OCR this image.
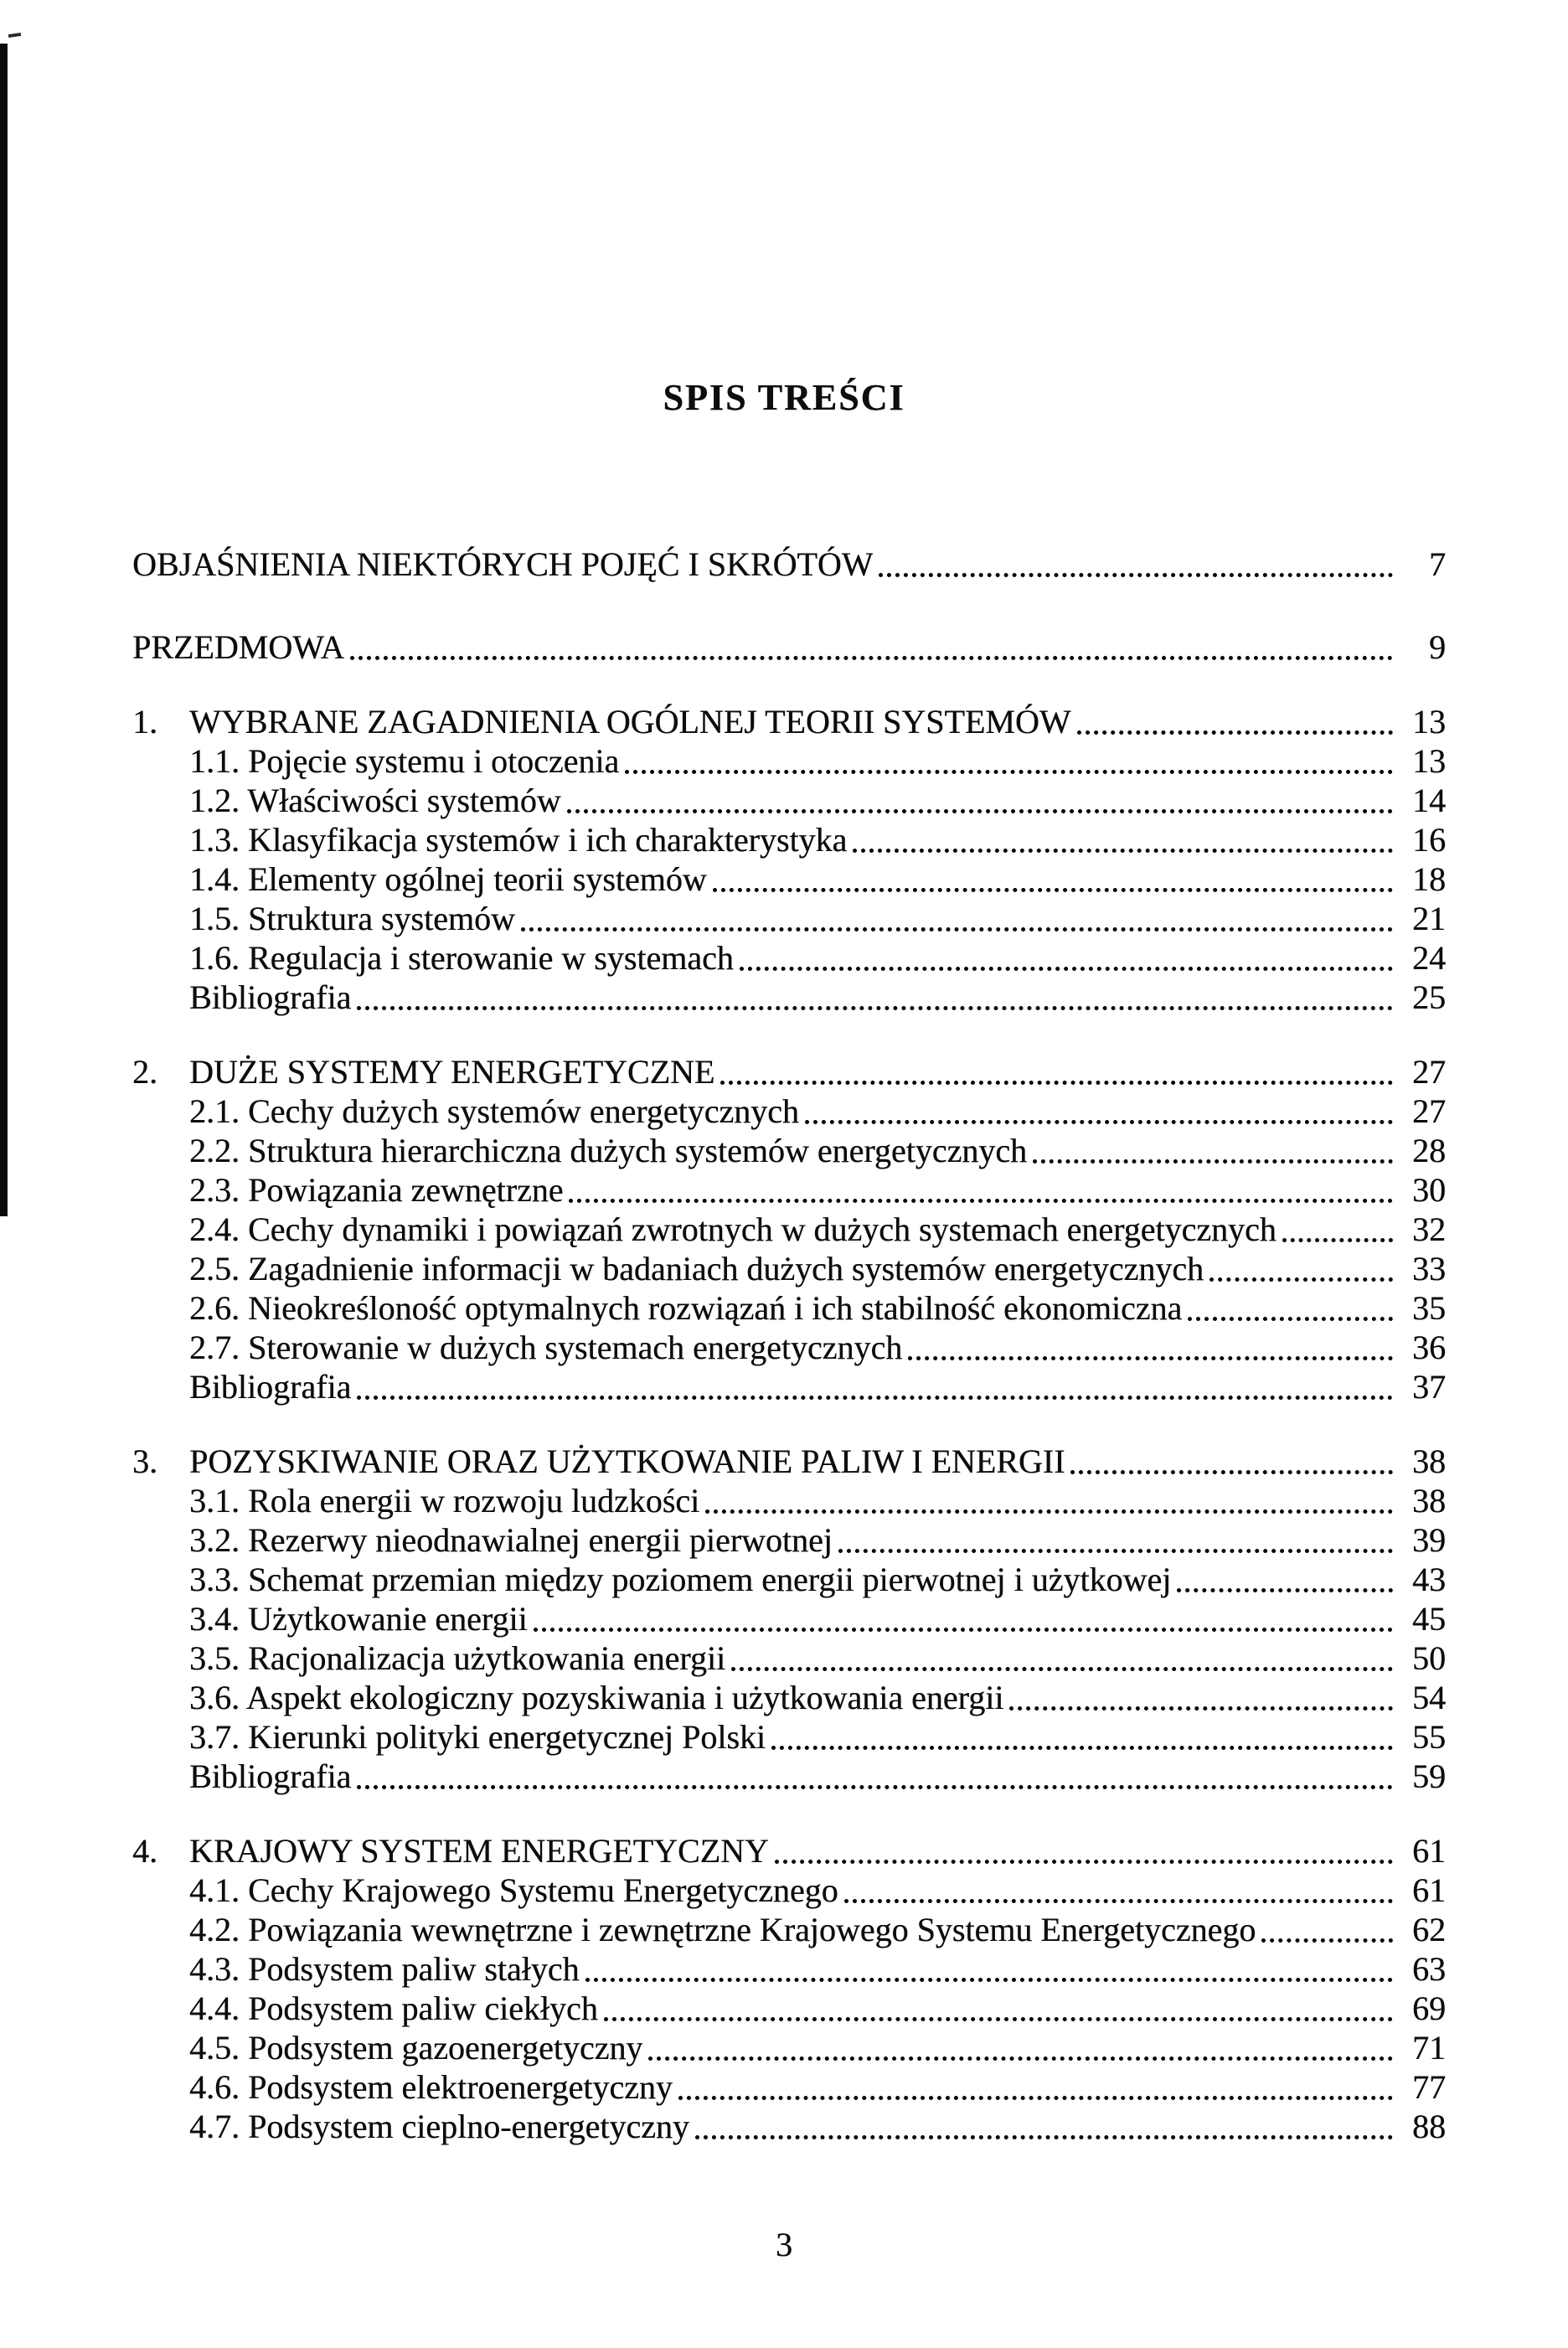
SPIS TREŚCI
OBJAŚNIENIA NIEKTÓRYCH POJĘĆ I SKRÓTÓW	7
PRZEDMOWA	9
1. WYBRANE ZAGADNIENIA OGÓLNEJ TEORII SYSTEMÓW	13
1.1. Pojęcie systemu i otoczenia	13
1.2. Właściwości systemów	14
1.3. Klasyfikacja systemów i ich charakterystyka	16
1.4. Elementy ogólnej teorii systemów	18
1.5. Struktura systemów	21
1.6. Regulacja i sterowanie w systemach	24
Bibliografia	25
2. DUŻE SYSTEMY ENERGETYCZNE	27
2.1. Cechy dużych systemów energetycznych	27
2.2. Struktura hierarchiczna dużych systemów energetycznych	28
2.3. Powiązania zewnętrzne	30
2.4. Cechy dynamiki i powiązań zwrotnych w dużych systemach energetycznych	32
2.5. Zagadnienie informacji w badaniach dużych systemów energetycznych	33
2.6. Nieokreśloność optymalnych rozwiązań i ich stabilność ekonomiczna	35
2.7. Sterowanie w dużych systemach energetycznych	36
Bibliografia	37
3. POZYSKIWANIE ORAZ UŻYTKOWANIE PALIW I ENERGII	38
3.1. Rola energii w rozwoju ludzkości	38
3.2. Rezerwy nieodnawialnej energii pierwotnej	39
3.3. Schemat przemian między poziomem energii pierwotnej i użytkowej	43
3.4. Użytkowanie energii	45
3.5. Racjonalizacja użytkowania energii	50
3.6. Aspekt ekologiczny pozyskiwania i użytkowania energii	54
3.7. Kierunki polityki energetycznej Polski	55
Bibliografia	59
4. KRAJOWY SYSTEM ENERGETYCZNY	61
4.1. Cechy Krajowego Systemu Energetycznego	61
4.2. Powiązania wewnętrzne i zewnętrzne Krajowego Systemu Energetycznego	62
4.3. Podsystem paliw stałych	63
4.4. Podsystem paliw ciekłych	69
4.5. Podsystem gazoenergetyczny	71
4.6. Podsystem elektroenergetyczny	77
4.7. Podsystem cieplno-energetyczny	88
3
